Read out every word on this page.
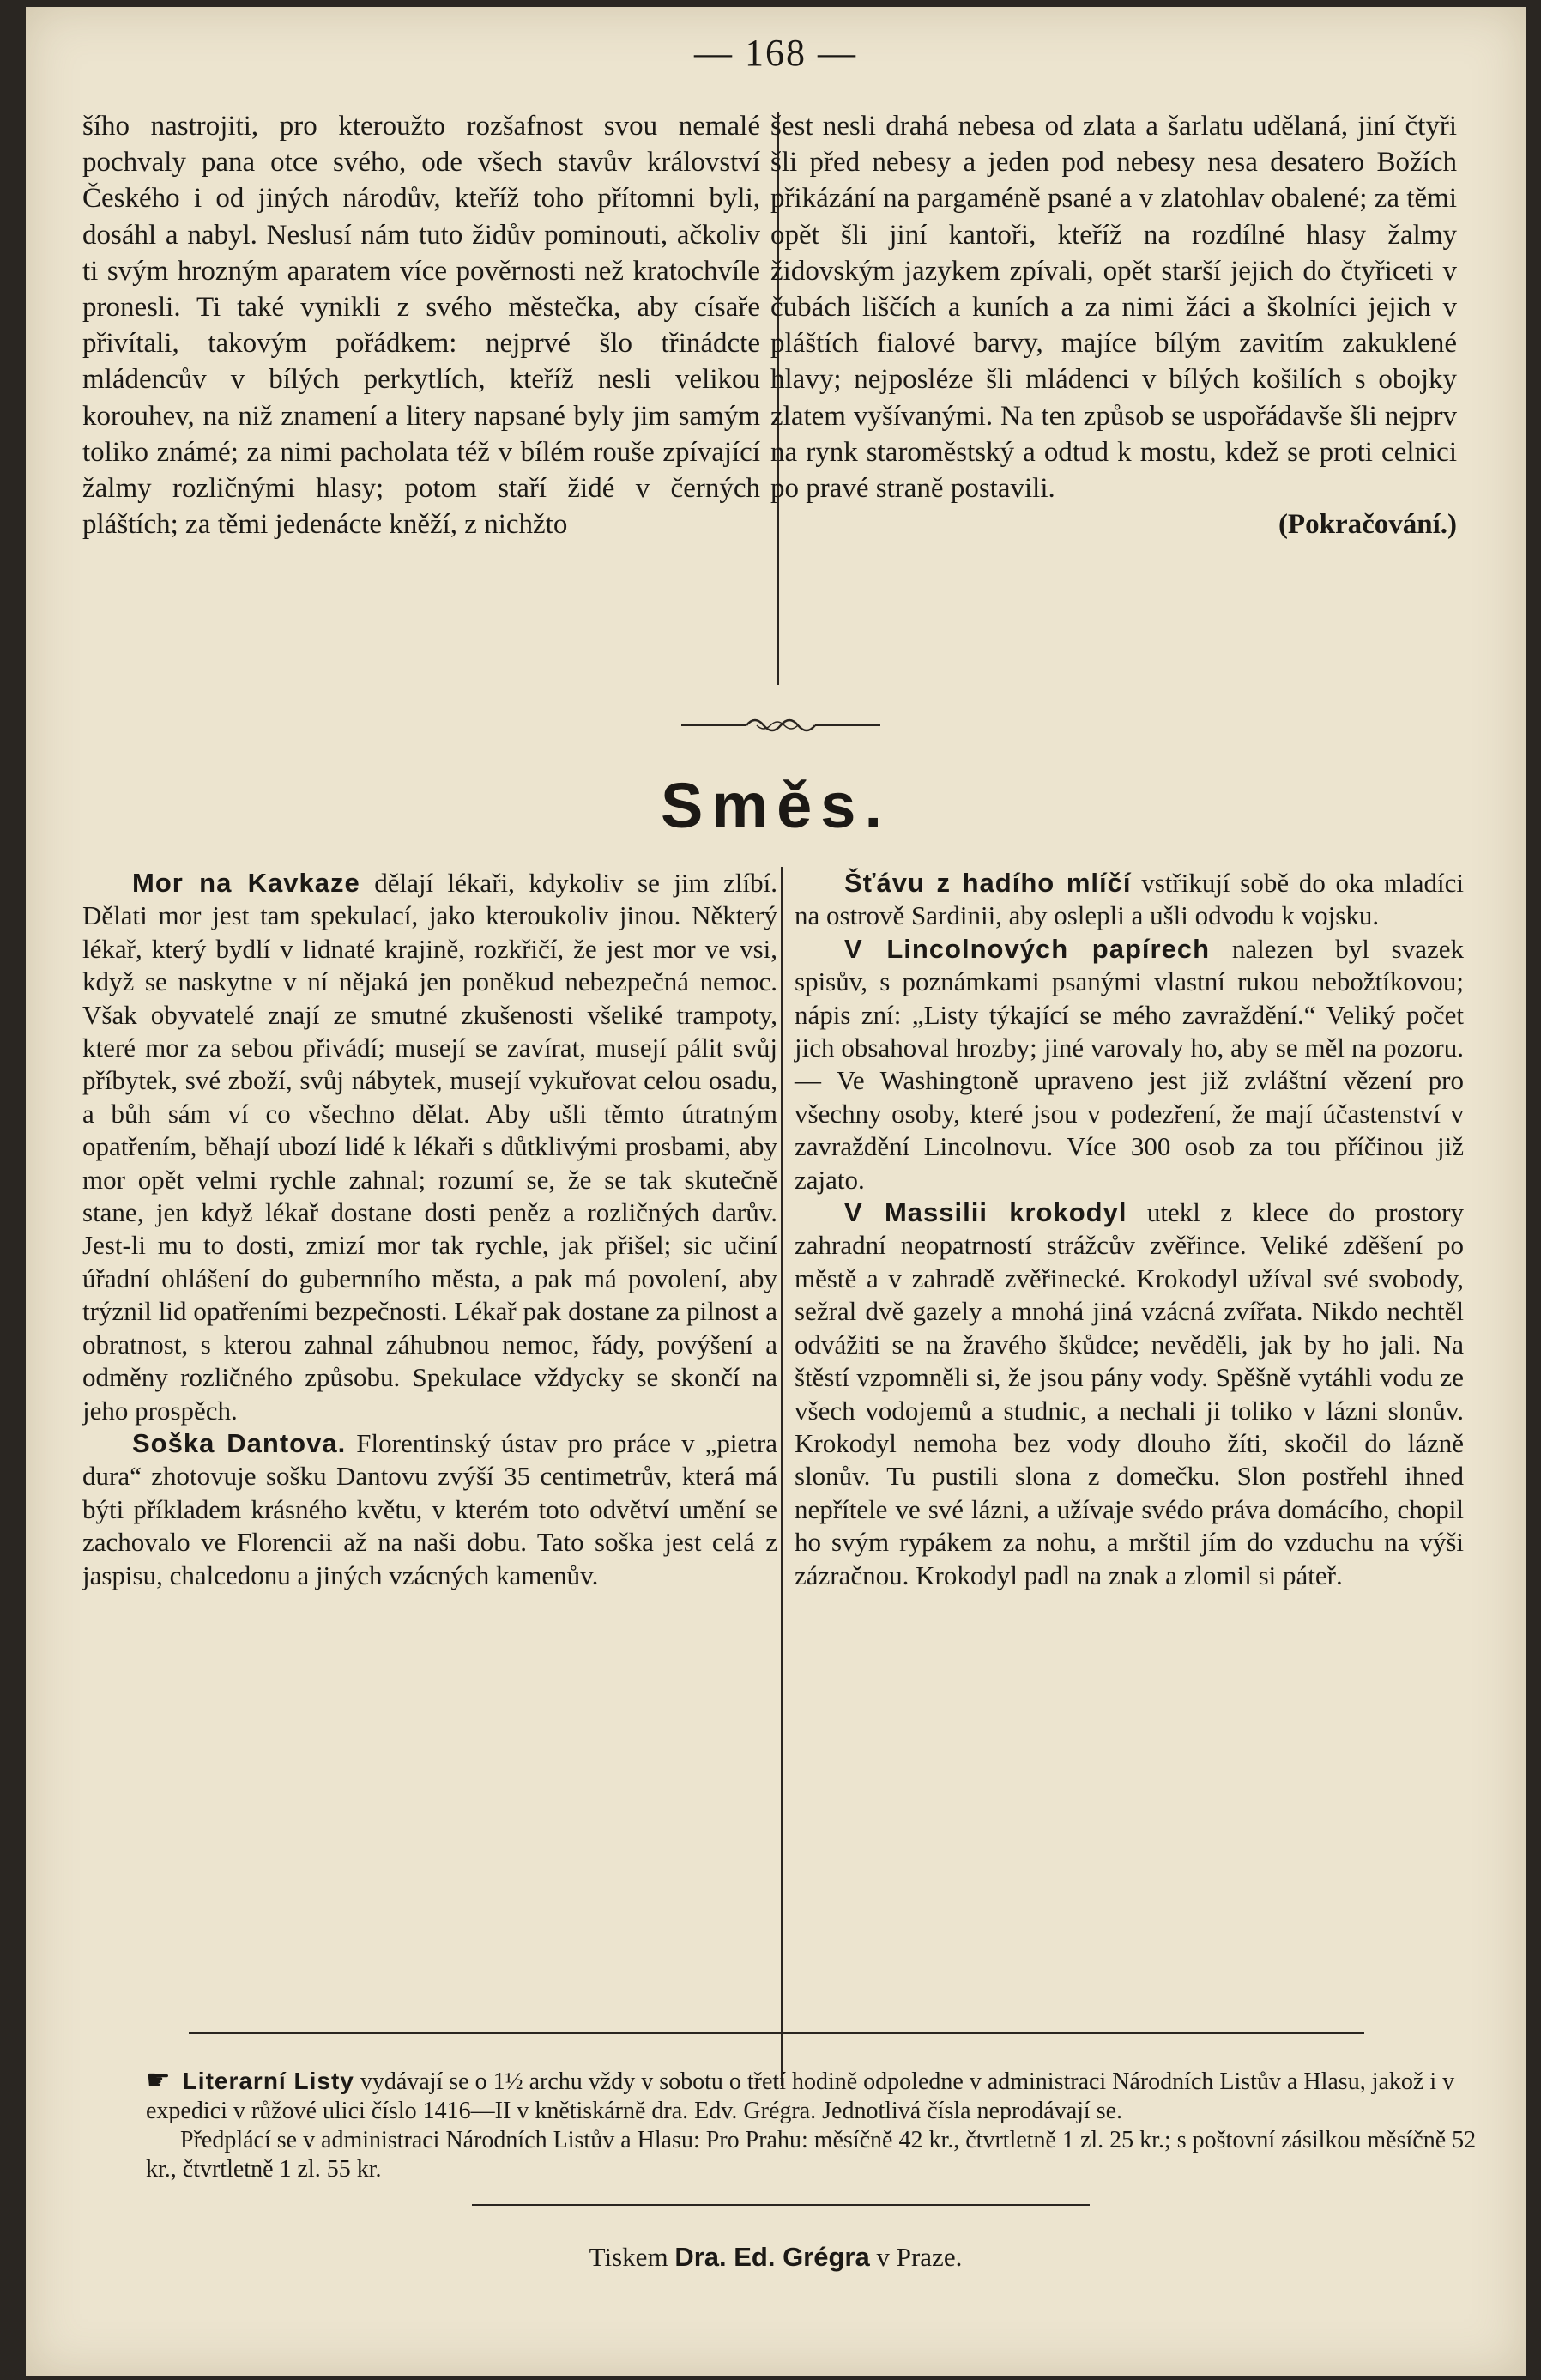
— 168 —

šího nastrojiti, pro kteroužto rozšafnost svou nemalé pochvaly pana otce svého, ode všech stavův království Českého i od jiných národův, kteříž toho přítomni byli, dosáhl a nabyl. Neslusí nám tuto židův pominouti, ačkoliv ti svým hrozným aparatem více pověrnosti než kratochvíle pronesli. Ti také vynikli z svého městečka, aby císaře přivítali, takovým pořádkem: nejprvé šlo třinádcte mládencův v bílých perkytlích, kteříž nesli velikou korouhev, na niž znamení a litery napsané byly jim samým toliko známé; za nimi pacholata též v bílém rouše zpívající žalmy rozličnými hlasy; potom staří židé v černých pláštích; za těmi jedenácte kněží, z nichžto

šest nesli drahá nebesa od zlata a šarlatu udělaná, jiní čtyři šli před nebesy a jeden pod nebesy nesa desatero Božích přikázání na pargaméně psané a v zlatohlav obalené; za těmi opět šli jiní kantoři, kteříž na rozdílné hlasy žalmy židovským jazykem zpívali, opět starší jejich do čtyřiceti v čubách liščích a kuních a za nimi žáci a školníci jejich v pláštích fialové barvy, majíce bílým zavitím zakuklené hlavy; nejposléze šli mládenci v bílých košilích s obojky zlatem vyšívanými. Na ten způsob se uspořádavše šli nejprv na rynk staroměstský a odtud k mostu, kdež se proti celnici po pravé straně postavili.

(Pokračování.)

Směs.

Mor na Kavkaze dělají lékaři, kdykoliv se jim zlíbí. Dělati mor jest tam spekulací, jako kteroukoliv jinou. Některý lékař, který bydlí v lidnaté krajině, rozkřičí, že jest mor ve vsi, když se naskytne v ní nějaká jen poněkud nebezpečná nemoc. Však obyvatelé znají ze smutné zkušenosti všeliké trampoty, které mor za sebou přivádí; musejí se zavírat, musejí pálit svůj příbytek, své zboží, svůj nábytek, musejí vykuřovat celou osadu, a bůh sám ví co všechno dělat. Aby ušli těmto útratným opatřením, běhají ubozí lidé k lékaři s důtklivými prosbami, aby mor opět velmi rychle zahnal; rozumí se, že se tak skutečně stane, jen když lékař dostane dosti peněz a rozličných darův. Jest-li mu to dosti, zmizí mor tak rychle, jak přišel; sic učiní úřadní ohlášení do gubernního města, a pak má povolení, aby trýznil lid opatřeními bezpečnosti. Lékař pak dostane za pilnost a obratnost, s kterou zahnal záhubnou nemoc, řády, povýšení a odměny rozličného způsobu. Spekulace vždycky se skončí na jeho prospěch.

Soška Dantova. Florentinský ústav pro práce v „pietra dura“ zhotovuje sošku Dantovu zvýší 35 centimetrův, která má býti příkladem krásného květu, v kterém toto odvětví umění se zachovalo ve Florencii až na naši dobu. Tato soška jest celá z jaspisu, chalcedonu a jiných vzácných kamenův.

Šťávu z hadího mlíčí vstřikují sobě do oka mladíci na ostrově Sardinii, aby oslepli a ušli odvodu k vojsku.

V Lincolnových papírech nalezen byl svazek spisův, s poznámkami psanými vlastní rukou nebožtíkovou; nápis zní: „Listy týkající se mého zavraždění.“ Veliký počet jich obsahoval hrozby; jiné varovaly ho, aby se měl na pozoru. — Ve Washingtoně upraveno jest již zvláštní vězení pro všechny osoby, které jsou v podezření, že mají účastenství v zavraždění Lincolnovu. Více 300 osob za tou příčinou již zajato.

V Massilii krokodyl utekl z klece do prostory zahradní neopatrností strážcův zvěřince. Veliké zděšení po městě a v zahradě zvěřinecké. Krokodyl užíval své svobody, sežral dvě gazely a mnohá jiná vzácná zvířata. Nikdo nechtěl odvážiti se na žravého škůdce; nevěděli, jak by ho jali. Na štěstí vzpomněli si, že jsou pány vody. Spěšně vytáhli vodu ze všech vodojemů a studnic, a nechali ji toliko v lázni slonův. Krokodyl nemoha bez vody dlouho žíti, skočil do lázně slonův. Tu pustili slona z domečku. Slon postřehl ihned nepřítele ve své lázni, a užívaje svédo práva domácího, chopil ho svým rypákem za nohu, a mrštil jím do vzduchu na výši zázračnou. Krokodyl padl na znak a zlomil si páteř.

☛ Literarní Listy vydávají se o 1½ archu vždy v sobotu o třetí hodině odpoledne v administraci Národních Listův a Hlasu, jakož i v expedici v růžové ulici číslo 1416—II v knětiskárně dra. Edv. Grégra. Jednotlivá čísla neprodávají se.

Předplácí se v administraci Národních Listův a Hlasu: Pro Prahu: měsíčně 42 kr., čtvrtletně 1 zl. 25 kr.; s poštovní zásilkou měsíčně 52 kr., čtvrtletně 1 zl. 55 kr.

Tiskem Dra. Ed. Grégra v Praze.
